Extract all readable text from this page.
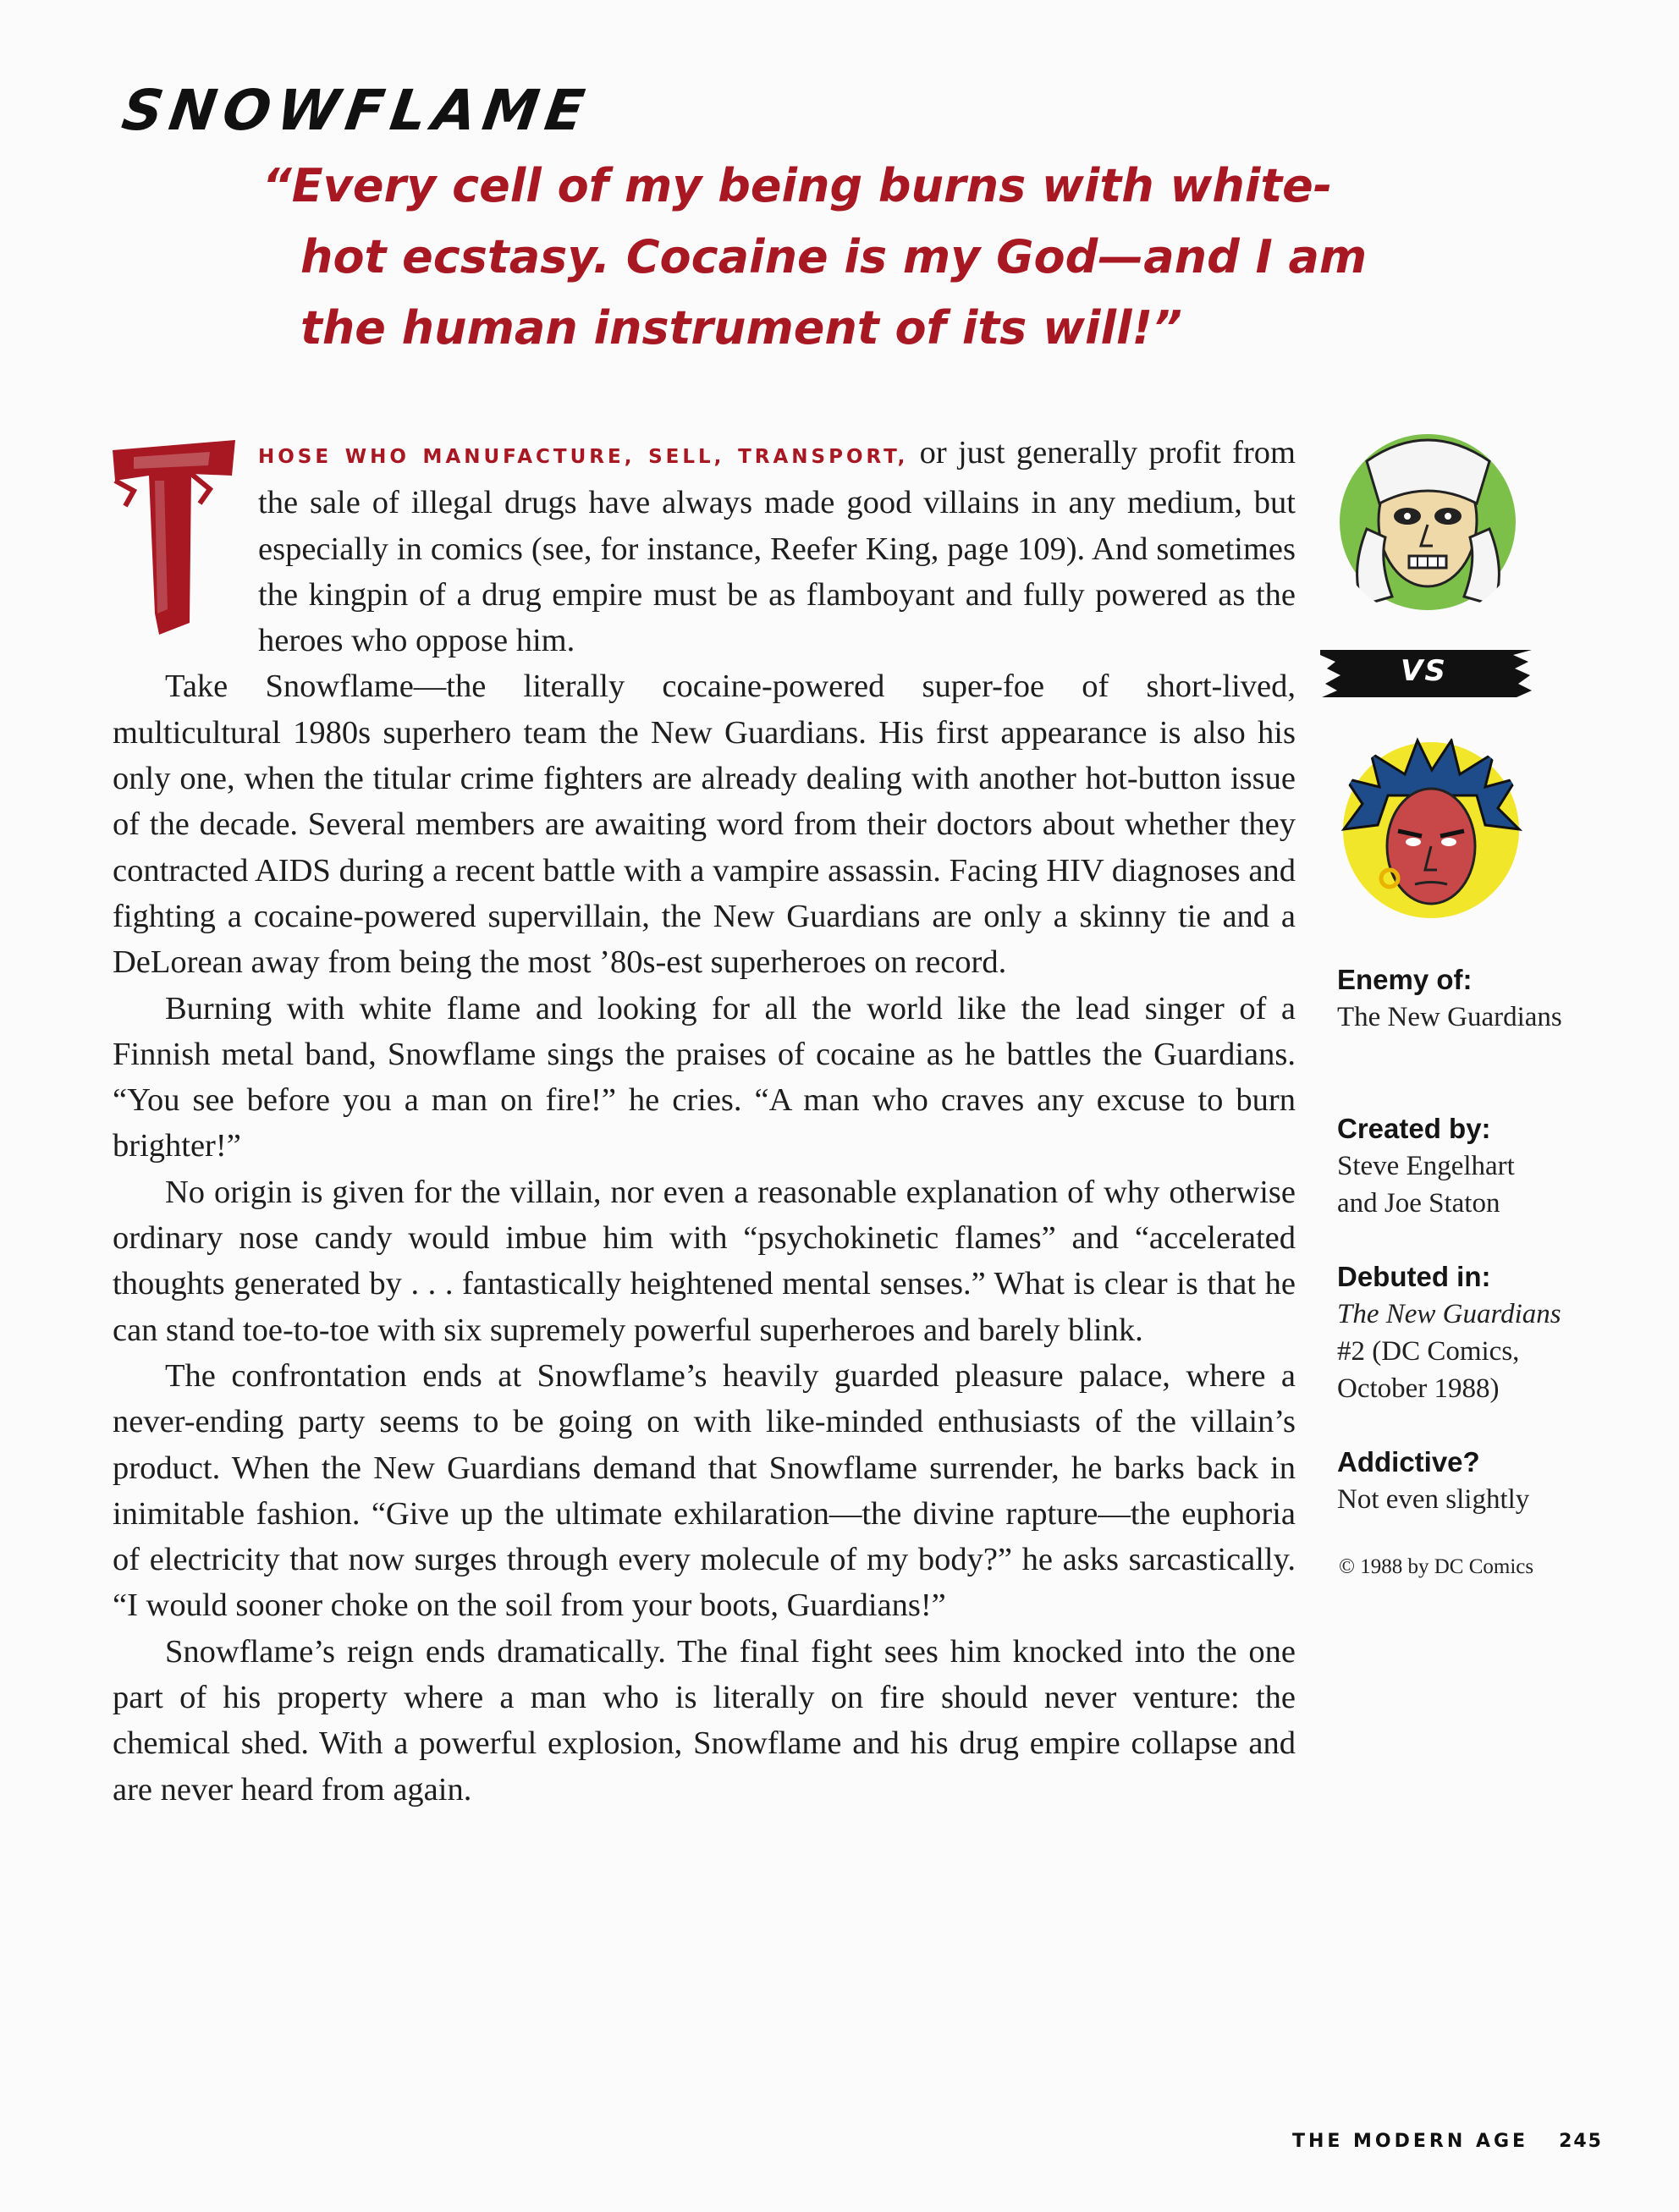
SNOWFLAME
“Every cell of my being burns with white-
hot ecstasy. Cocaine is my God—and I am
the human instrument of its will!”

HOSE WHO MANUFACTURE, SELL, TRANSPORT, or just generally profit from the sale of illegal drugs have always made good villains in any medium, but especially in comics (see, for instance, Reefer King, page 109). And sometimes the kingpin of a drug empire must be as flamboyant and fully powered as the heroes who oppose him.

Take Snowflame—the literally cocaine-powered super-foe of short-lived, multicultural 1980s superhero team the New Guardians. His first appearance is also his only one, when the titular crime fighters are already dealing with another hot-button issue of the decade. Several members are awaiting word from their doctors about whether they contracted AIDS during a recent battle with a vampire assassin. Facing HIV diagnoses and fighting a cocaine-powered supervillain, the New Guardians are only a skinny tie and a DeLorean away from being the most ’80s-est superheroes on record.

Burning with white flame and looking for all the world like the lead singer of a Finnish metal band, Snowflame sings the praises of cocaine as he battles the Guardians. “You see before you a man on fire!” he cries. “A man who craves any excuse to burn brighter!”

No origin is given for the villain, nor even a reasonable explanation of why otherwise ordinary nose candy would imbue him with “psychokinetic flames” and “accelerated thoughts generated by . . . fantastically heightened mental senses.” What is clear is that he can stand toe-to-toe with six supremely powerful superheroes and barely blink.

The confrontation ends at Snowflame’s heavily guarded pleasure palace, where a never-ending party seems to be going on with like-minded enthusiasts of the villain’s product. When the New Guardians demand that Snowflame surrender, he barks back in inimitable fashion. “Give up the ultimate exhilaration—the divine rapture—the euphoria of electricity that now surges through every molecule of my body?” he asks sarcastically. “I would sooner choke on the soil from your boots, Guardians!”

Snowflame’s reign ends dramatically. The final fight sees him knocked into the one part of his property where a man who is literally on fire should never venture: the chemical shed. With a powerful explosion, Snowflame and his drug empire collapse and are never heard from again.

VS
Enemy of:
The New Guardians
Created by:
Steve Engelhart
and Joe Staton
Debuted in:
The New Guardians
#2 (DC Comics,
October 1988)
Addictive?
Not even slightly
© 1988 by DC Comics
THE MODERN AGE 245
